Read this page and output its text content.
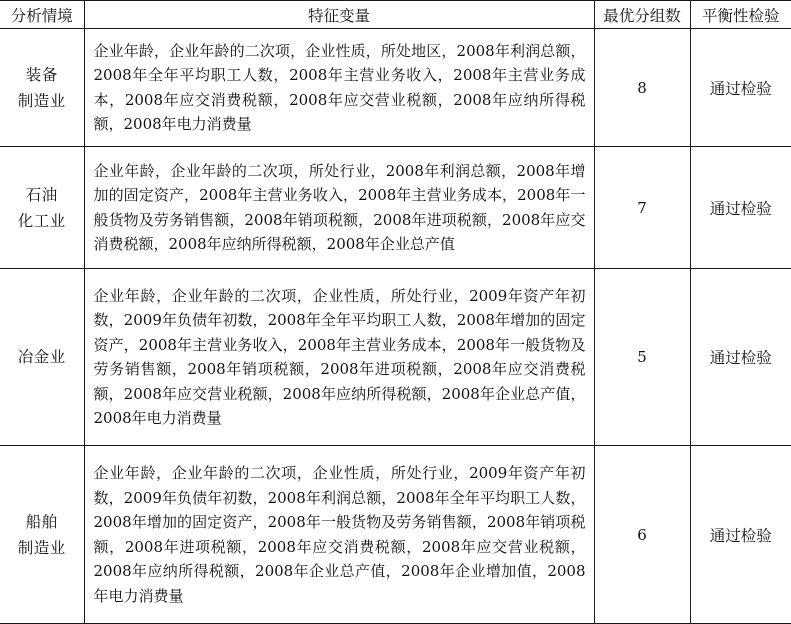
分析情境	特征变量	最优分组数	平衡性检验

装备
制造业	企业年龄，企业年龄的二次项，企业性质，所处地区，2008年利润总额，2008年全年平均职工人数，2008年主营业务收入，2008年主营业务成本，2008年应交消费税额，2008年应交营业税额，2008年应纳所得税额，2008年电力消费量	8	通过检验

石油
化工业	企业年龄，企业年龄的二次项，所处行业，2008年利润总额，2008年增加的固定资产，2008年主营业务收入，2008年主营业务成本，2008年一般货物及劳务销售额，2008年销项税额，2008年进项税额，2008年应交消费税额，2008年应纳所得税额，2008年企业总产值	7	通过检验

冶金业	企业年龄，企业年龄的二次项，企业性质，所处行业，2009年资产年初数，2009年负债年初数，2008年全年平均职工人数，2008年增加的固定资产，2008年主营业务收入，2008年主营业务成本，2008年一般货物及劳务销售额，2008年销项税额，2008年进项税额，2008年应交消费税额，2008年应交营业税额，2008年应纳所得税额，2008年企业总产值，2008年电力消费量	5	通过检验

船舶
制造业	企业年龄，企业年龄的二次项，企业性质，所处行业，2009年资产年初数，2009年负债年初数，2008年利润总额，2008年全年平均职工人数，2008年增加的固定资产，2008年一般货物及劳务销售额，2008年销项税额，2008年进项税额，2008年应交消费税额，2008年应交营业税额，2008年应纳所得税额，2008年企业总产值，2008年企业增加值，2008年电力消费量	6	通过检验
